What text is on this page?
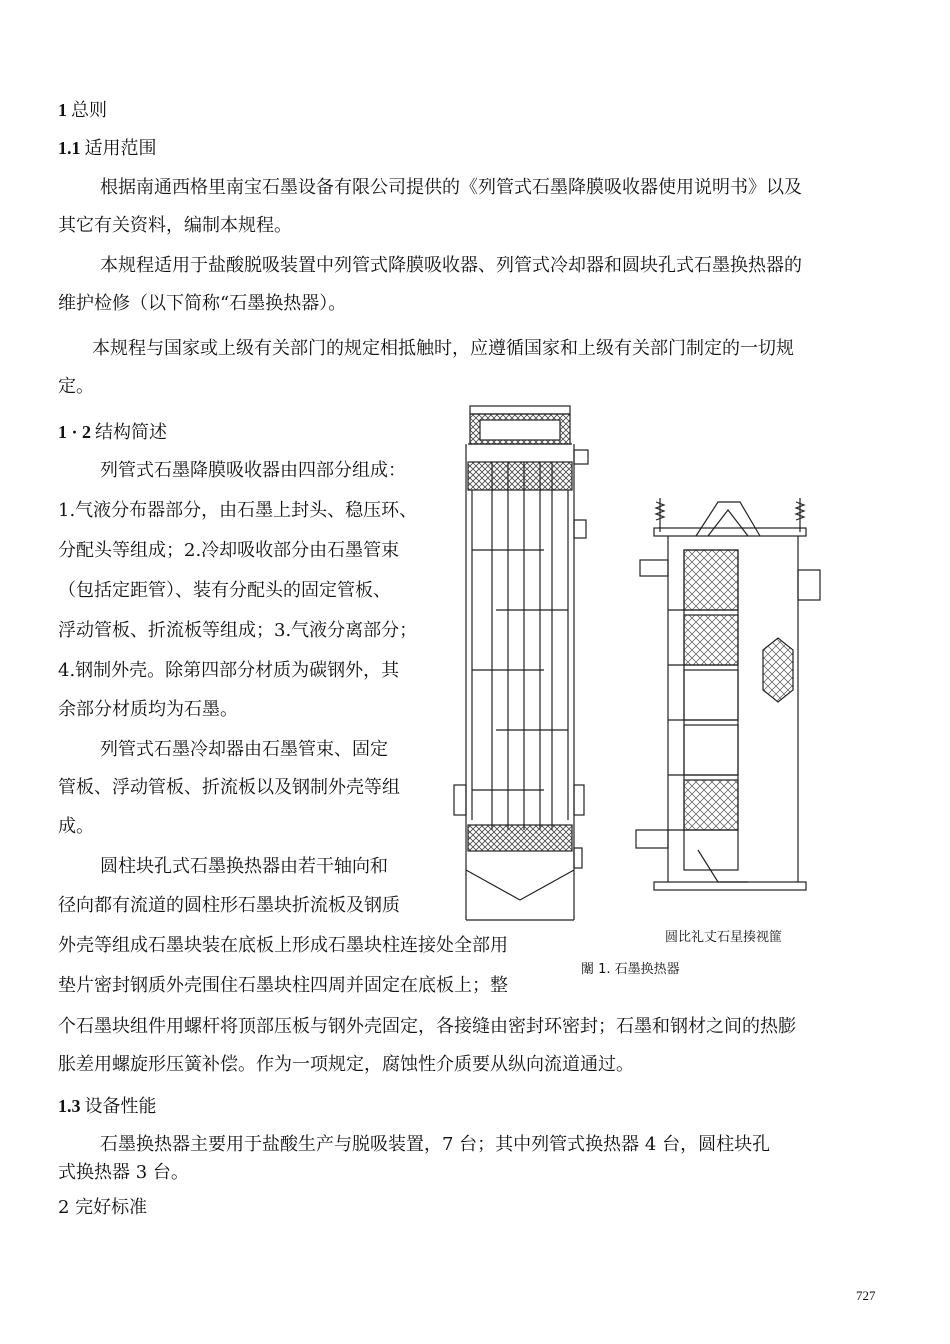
1 总则
1.1 适用范围
根据南通西格里南宝石墨设备有限公司提供的《列管式石墨降膜吸收器使用说明书》以及
其它有关资料，编制本规程。
本规程适用于盐酸脱吸装置中列管式降膜吸收器、列管式冷却器和圆块孔式石墨换热器的
维护检修（以下简称“石墨换热器）。
本规程与国家或上级有关部门的规定相抵触时，应遵循国家和上级有关部门制定的一切规
定。
1 · 2 结构简述
列管式石墨降膜吸收器由四部分组成：
1.气液分布器部分，由石墨上封头、稳压环、
分配头等组成；2.冷却吸收部分由石墨管束
（包括定距管）、装有分配头的固定管板、
浮动管板、折流板等组成；3.气液分离部分；
4.钢制外壳。除第四部分材质为碳钢外，其
余部分材质均为石墨。
列管式石墨冷却器由石墨管束、固定
管板、浮动管板、折流板以及钢制外壳等组
成。
圆柱块孔式石墨换热器由若干轴向和
径向都有流道的圆柱形石墨块折流板及钢质
外壳等组成石墨块装在底板上形成石墨块柱连接处全部用
垫片密封钢质外壳围住石墨块柱四周并固定在底板上；整
个石墨块组件用螺杆将顶部压板与钢外壳固定，各接缝由密封环密封；石墨和钢材之间的热膨
胀差用螺旋形压簧补偿。作为一项规定，腐蚀性介质要从纵向流道通过。
1.3 设备性能
石墨换热器主要用于盐酸生产与脱吸装置，7 台；其中列管式换热器 4 台，圆柱块孔
式换热器 3 台。
2 完好标准
圆比礼丈石星揍视篚
闈 1. 石墨换热器
727
